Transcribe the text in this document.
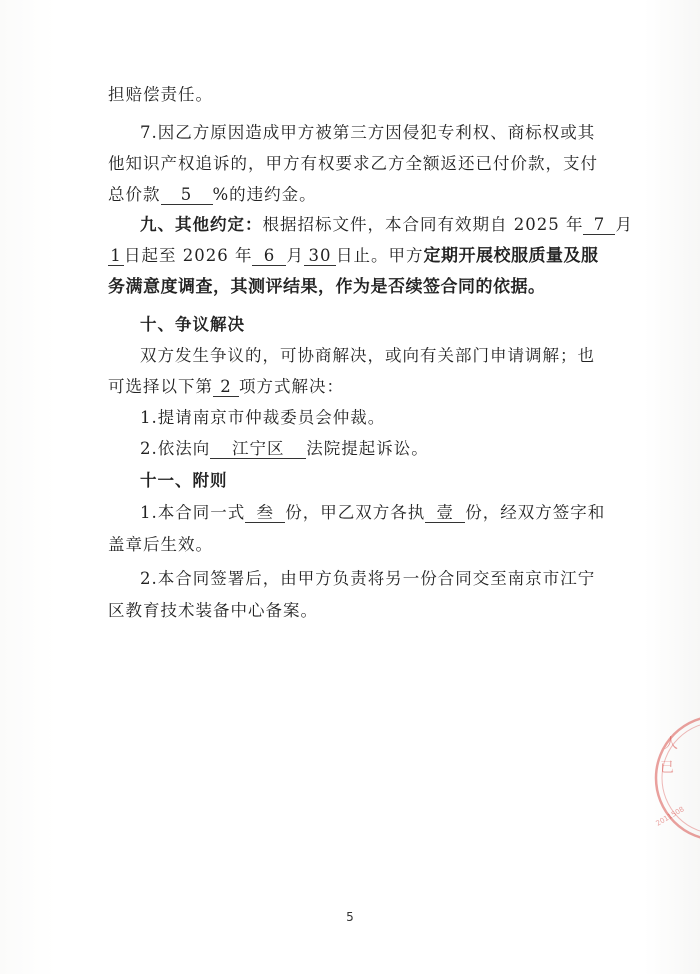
担赔偿责任。
7.因乙方原因造成甲方被第三方因侵犯专利权、商标权或其
他知识产权追诉的，甲方有权要求乙方全额返还已付价款，支付
总价款 5 %的违约金。
九、其他约定：根据招标文件，本合同有效期自 2025 年 7 月
1 日起至 2026 年 6 月 30 日止。甲方定期开展校服质量及服
务满意度调查，其测评结果，作为是否续签合同的依据。
十、争议解决
双方发生争议的，可协商解决，或向有关部门申请调解；也
可选择以下第 2 项方式解决：
1.提请南京市仲裁委员会仲裁。
2.依法向 江宁区 法院提起诉讼。
十一、附则
1.本合同一式 叁 份，甲乙双方各执 壹 份，经双方签字和
盖章后生效。
2.本合同签署后，由甲方负责将另一份合同交至南京市江宁
区教育技术装备中心备案。
人
已
2011508
5
